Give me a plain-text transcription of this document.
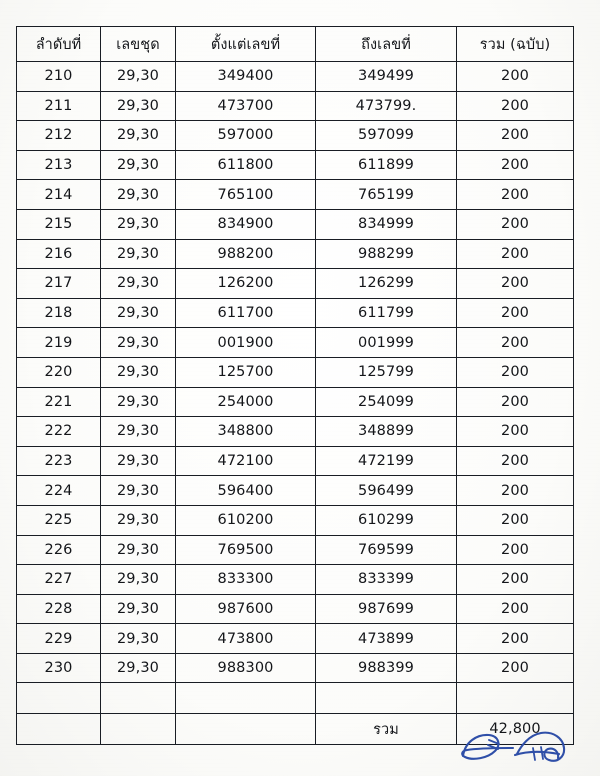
ลำดับที่	เลขชุด	ตั้งแต่เลขที่	ถึงเลขที่	รวม (ฉบับ)
210	29,30	349400	349499	200
211	29,30	473700	473799.	200
212	29,30	597000	597099	200
213	29,30	611800	611899	200
214	29,30	765100	765199	200
215	29,30	834900	834999	200
216	29,30	988200	988299	200
217	29,30	126200	126299	200
218	29,30	611700	611799	200
219	29,30	001900	001999	200
220	29,30	125700	125799	200
221	29,30	254000	254099	200
222	29,30	348800	348899	200
223	29,30	472100	472199	200
224	29,30	596400	596499	200
225	29,30	610200	610299	200
226	29,30	769500	769599	200
227	29,30	833300	833399	200
228	29,30	987600	987699	200
229	29,30	473800	473899	200
230	29,30	988300	988399	200

			รวม	42,800
